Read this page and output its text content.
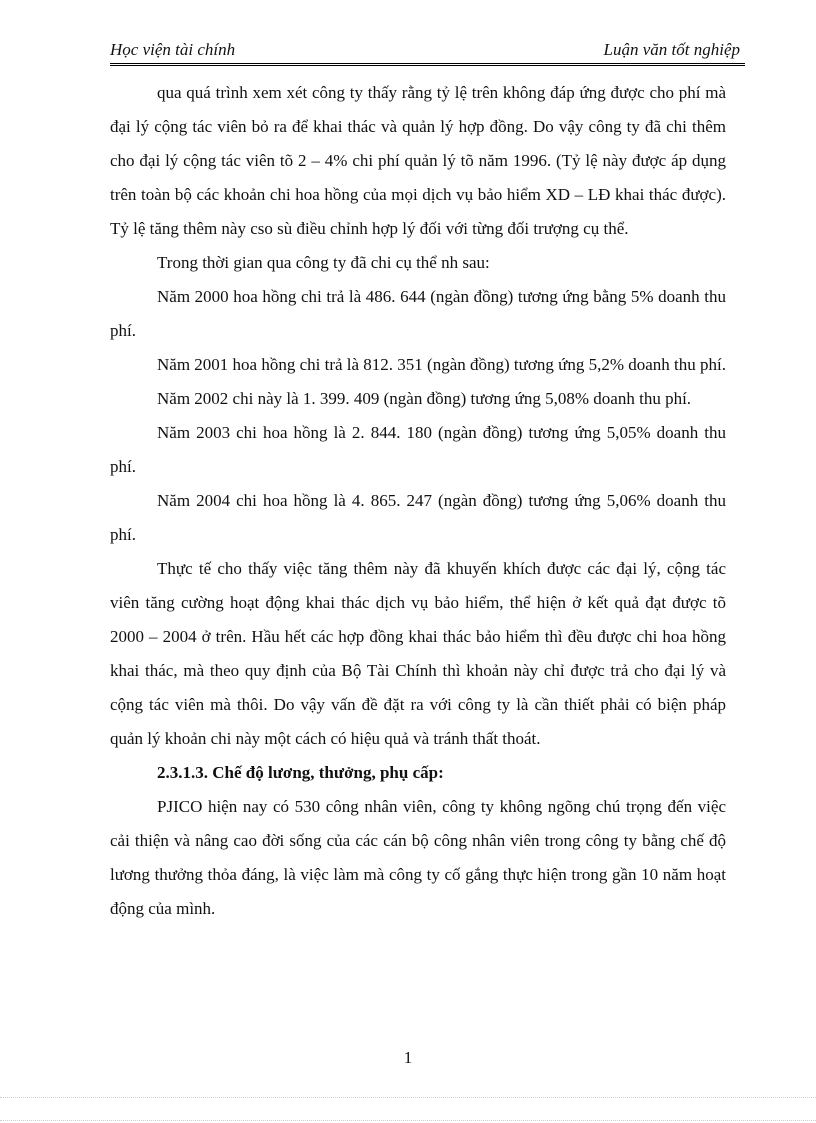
Học viện tài chính	Luận văn tốt nghiệp

qua quá trình xem xét công ty thấy rằng tỷ lệ trên không đáp ứng được cho phí mà đại lý cộng tác viên bỏ ra để khai thác và quản lý hợp đồng. Do vậy công ty đã chi thêm cho đại lý cộng tác viên tõ 2 – 4% chi phí quản lý tõ năm 1996. (Tỷ lệ này được áp dụng trên toàn bộ các khoản chi hoa hồng của mọi dịch vụ bảo hiểm XD – LĐ khai thác được). Tỷ lệ tăng thêm này cso sù điều chỉnh hợp lý đối với từng đối trượng cụ thể.

Trong thời gian qua công ty đã chi cụ thể nh sau:

Năm 2000 hoa hồng chi trả là 486. 644 (ngàn đồng) tương ứng bằng 5% doanh thu phí.

Năm 2001 hoa hồng chi trả là 812. 351 (ngàn đồng) tương ứng 5,2% doanh thu phí.

Năm 2002 chi này là 1. 399. 409 (ngàn đồng) tương ứng 5,08% doanh thu phí.

Năm 2003 chi hoa hồng là 2. 844. 180 (ngàn đồng) tương ứng 5,05% doanh thu phí.

Năm 2004 chi hoa hồng là 4. 865. 247 (ngàn đồng) tương ứng 5,06% doanh thu phí.

Thực tế cho thấy việc tăng thêm này đã khuyến khích được các đại lý, cộng tác viên tăng cường hoạt động khai thác dịch vụ bảo hiểm, thể hiện ở kết quả đạt được tõ 2000 – 2004 ở trên. Hầu hết các hợp đồng khai thác bảo hiểm thì đều được chi hoa hồng khai thác, mà theo quy định của Bộ Tài Chính thì khoản này chỉ được trả cho đại lý và cộng tác viên mà thôi. Do vậy vấn đề đặt ra với công ty là cần thiết phải có biện pháp quản lý khoản chi này một cách có hiệu quả và tránh thất thoát.

2.3.1.3. Chế độ lương, thưởng, phụ cấp:

PJICO hiện nay có 530 công nhân viên, công ty không ngõng chú trọng đến việc cải thiện và nâng cao đời sống của các cán bộ công nhân viên trong công ty bằng chế độ lương thưởng thỏa đáng, là việc làm mà công ty cố gắng thực hiện trong gần 10 năm hoạt động của mình.

1
